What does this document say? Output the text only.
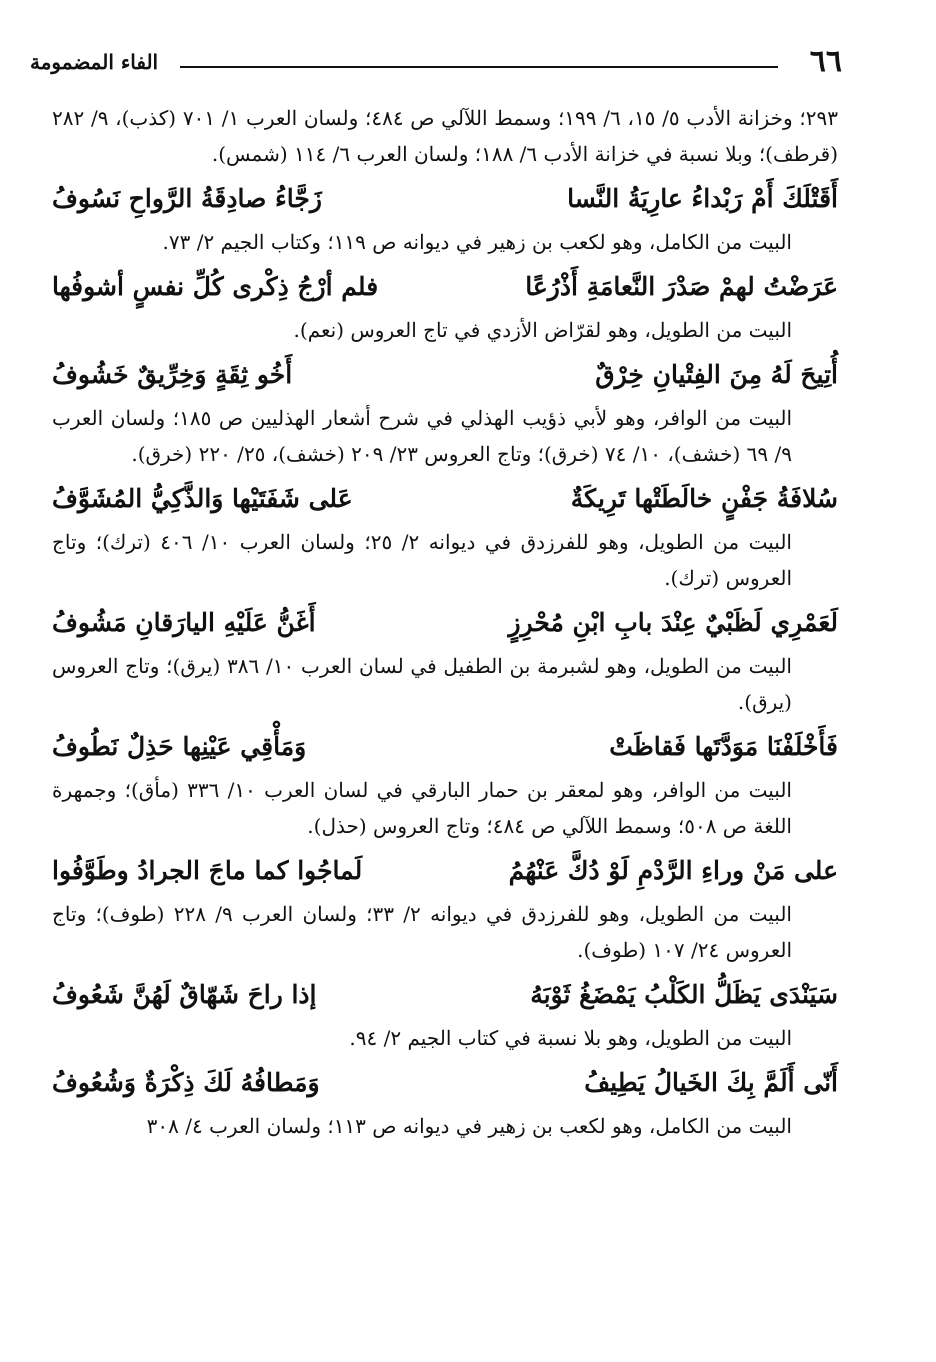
٦٦
الفاء المضمومة

٢٩٣؛ وخزانة الأدب ٥/ ١٥، ٦/ ١٩٩؛ وسمط اللآلي ص ٤٨٤؛ ولسان العرب ١/ ٧٠١ (كذب)، ٩/ ٢٨٢ (قرطف)؛ وبلا نسبة في خزانة الأدب ٦/ ١٨٨؛ ولسان العرب ٦/ ١١٤ (شمس).

أَقَتْلَكَ أَمْ رَبْداءُ عارِيَةُ النَّسا
زَجَّاءُ صادِقَةُ الرَّواحِ نَسُوفُ

البيت من الكامل، وهو لكعب بن زهير في ديوانه ص ١١٩؛ وكتاب الجيم ٢/ ٧٣.

عَرَضْتُ لهمْ صَدْرَ النَّعامَةِ أَذْرُعًا
فلم أرْجُ ذِكْرى كُلِّ نفسٍ أشوفُها

البيت من الطويل، وهو لقرّاض الأزدي في تاج العروس (نعم).

أُتِيحَ لَهُ مِنَ الفِتْيانِ خِرْقٌ
أَخُو ثِقَةٍ وَخِرِّيقٌ خَشُوفُ

البيت من الوافر، وهو لأبي ذؤيب الهذلي في شرح أشعار الهذليين ص ١٨٥؛ ولسان العرب ٩/ ٦٩ (خشف)، ١٠/ ٧٤ (خرق)؛ وتاج العروس ٢٣/ ٢٠٩ (خشف)، ٢٥/ ٢٢٠ (خرق).

سُلافَةُ جَفْنٍ خالَطَتْها تَرِيكَةٌ
عَلى شَفَتَيْها وَالذَّكِيُّ المُشَوَّفُ

البيت من الطويل، وهو للفرزدق في ديوانه ٢/ ٢٥؛ ولسان العرب ١٠/ ٤٠٦ (ترك)؛ وتاج العروس (ترك).

لَعَمْرِي لَظَبْيٌ عِنْدَ بابِ ابْنِ مُحْرِزٍ
أَغَنُّ عَلَيْهِ اليارَقانِ مَشُوفُ

البيت من الطويل، وهو لشبرمة بن الطفيل في لسان العرب ١٠/ ٣٨٦ (يرق)؛ وتاج العروس (يرق).

فَأَخْلَفْنَا مَوَدَّتَها فَقاظَتْ
وَمَأْقِي عَيْنِها حَذِلٌ نَطُوفُ

البيت من الوافر، وهو لمعقر بن حمار البارقي في لسان العرب ١٠/ ٣٣٦ (مأق)؛ وجمهرة اللغة ص ٥٠٨؛ وسمط اللآلي ص ٤٨٤؛ وتاج العروس (حذل).

على مَنْ وراءِ الرَّدْمِ لَوْ دُكَّ عَنْهُمُ
لَماجُوا كما ماجَ الجرادُ وطَوَّفُوا

البيت من الطويل، وهو للفرزدق في ديوانه ٢/ ٣٣؛ ولسان العرب ٩/ ٢٢٨ (طوف)؛ وتاج العروس ٢٤/ ١٠٧ (طوف).

سَيَنْدَى يَظَلُّ الكَلْبُ يَمْضَغُ ثَوْبَهُ
إذا راحَ شَهّاقٌ لَهُنَّ شَعُوفُ

البيت من الطويل، وهو بلا نسبة في كتاب الجيم ٢/ ٩٤.

أَنّى أَلَمَّ بِكَ الخَيالُ يَطِيفُ
وَمَطافُهُ لَكَ ذِكْرَةٌ وَشُعُوفُ

البيت من الكامل، وهو لكعب بن زهير في ديوانه ص ١١٣؛ ولسان العرب ٤/ ٣٠٨
